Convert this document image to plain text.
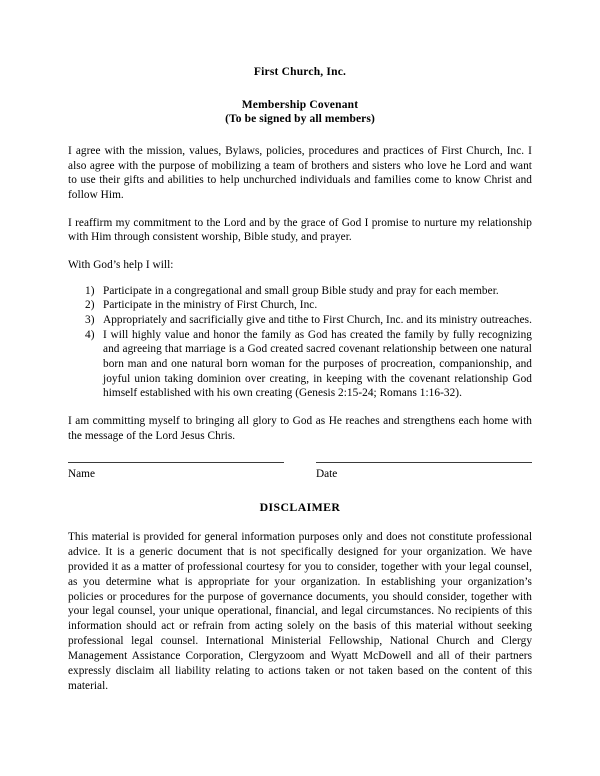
First Church, Inc.
Membership Covenant
(To be signed by all members)

I agree with the mission, values, Bylaws, policies, procedures and practices of First Church, Inc. I also agree with the purpose of mobilizing a team of brothers and sisters who love he Lord and want to use their gifts and abilities to help unchurched individuals and families come to know Christ and follow Him.

I reaffirm my commitment to the Lord and by the grace of God I promise to nurture my relationship with Him through consistent worship, Bible study, and prayer.

With God’s help I will:

1) Participate in a congregational and small group Bible study and pray for each member.
2) Participate in the ministry of First Church, Inc.
3) Appropriately and sacrificially give and tithe to First Church, Inc. and its ministry outreaches.
4) I will highly value and honor the family as God has created the family by fully recognizing and agreeing that marriage is a God created sacred covenant relationship between one natural born man and one natural born woman for the purposes of procreation, companionship, and joyful union taking dominion over creating, in keeping with the covenant relationship God himself established with his own creating (Genesis 2:15-24; Romans 1:16-32).

I am committing myself to bringing all glory to God as He reaches and strengthens each home with the message of the Lord Jesus Chris.

Name	Date
DISCLAIMER

This material is provided for general information purposes only and does not constitute professional advice. It is a generic document that is not specifically designed for your organization. We have provided it as a matter of professional courtesy for you to consider, together with your legal counsel, as you determine what is appropriate for your organization. In establishing your organization’s policies or procedures for the purpose of governance documents, you should consider, together with your legal counsel, your unique operational, financial, and legal circumstances. No recipients of this information should act or refrain from acting solely on the basis of this material without seeking professional legal counsel. International Ministerial Fellowship, National Church and Clergy Management Assistance Corporation, Clergyzoom and Wyatt McDowell and all of their partners expressly disclaim all liability relating to actions taken or not taken based on the content of this material.
